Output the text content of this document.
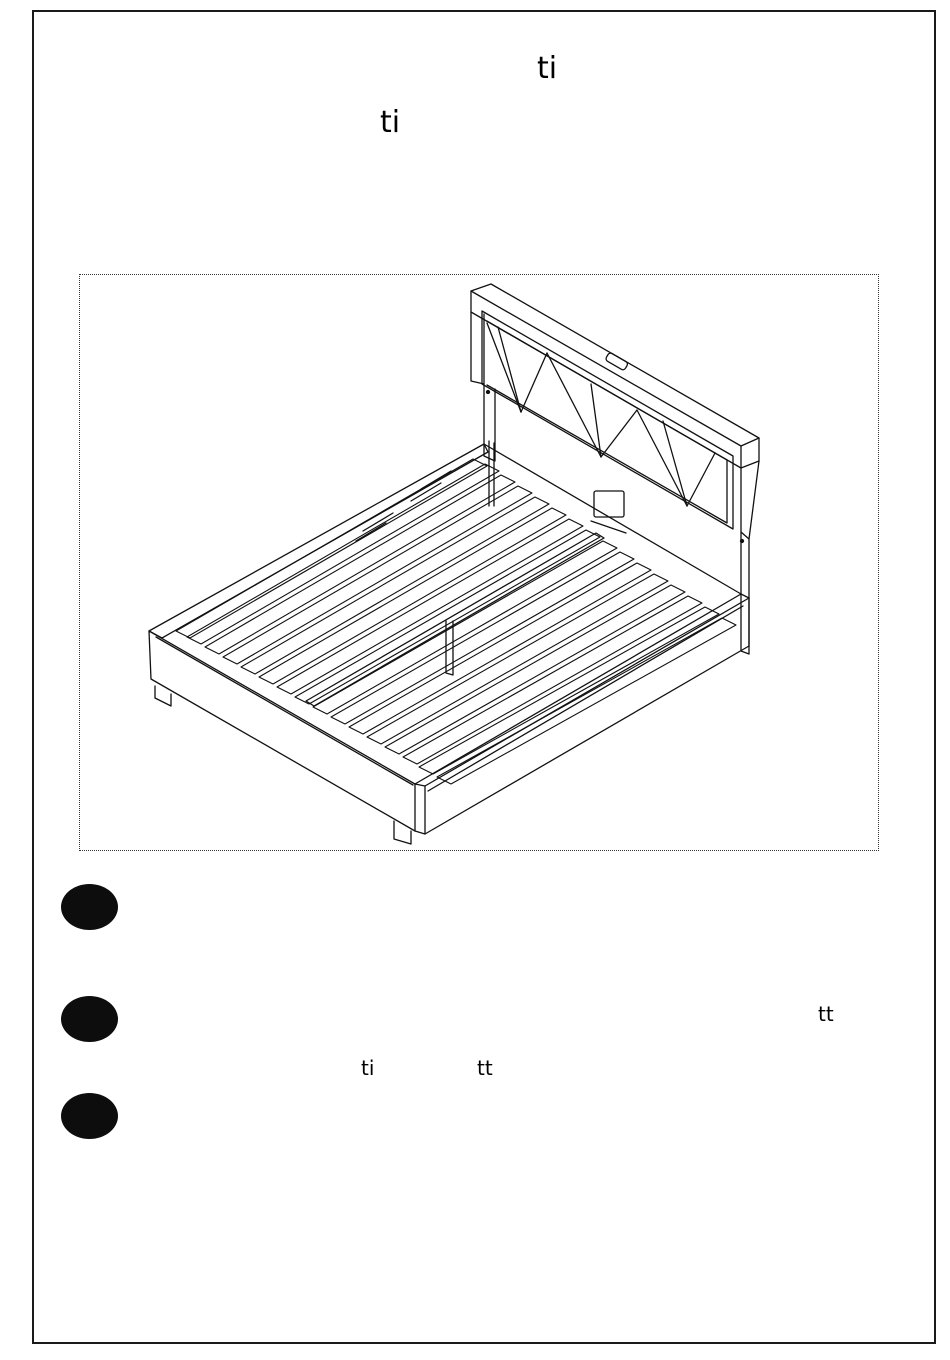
ti
ti
tt
ti	tt
